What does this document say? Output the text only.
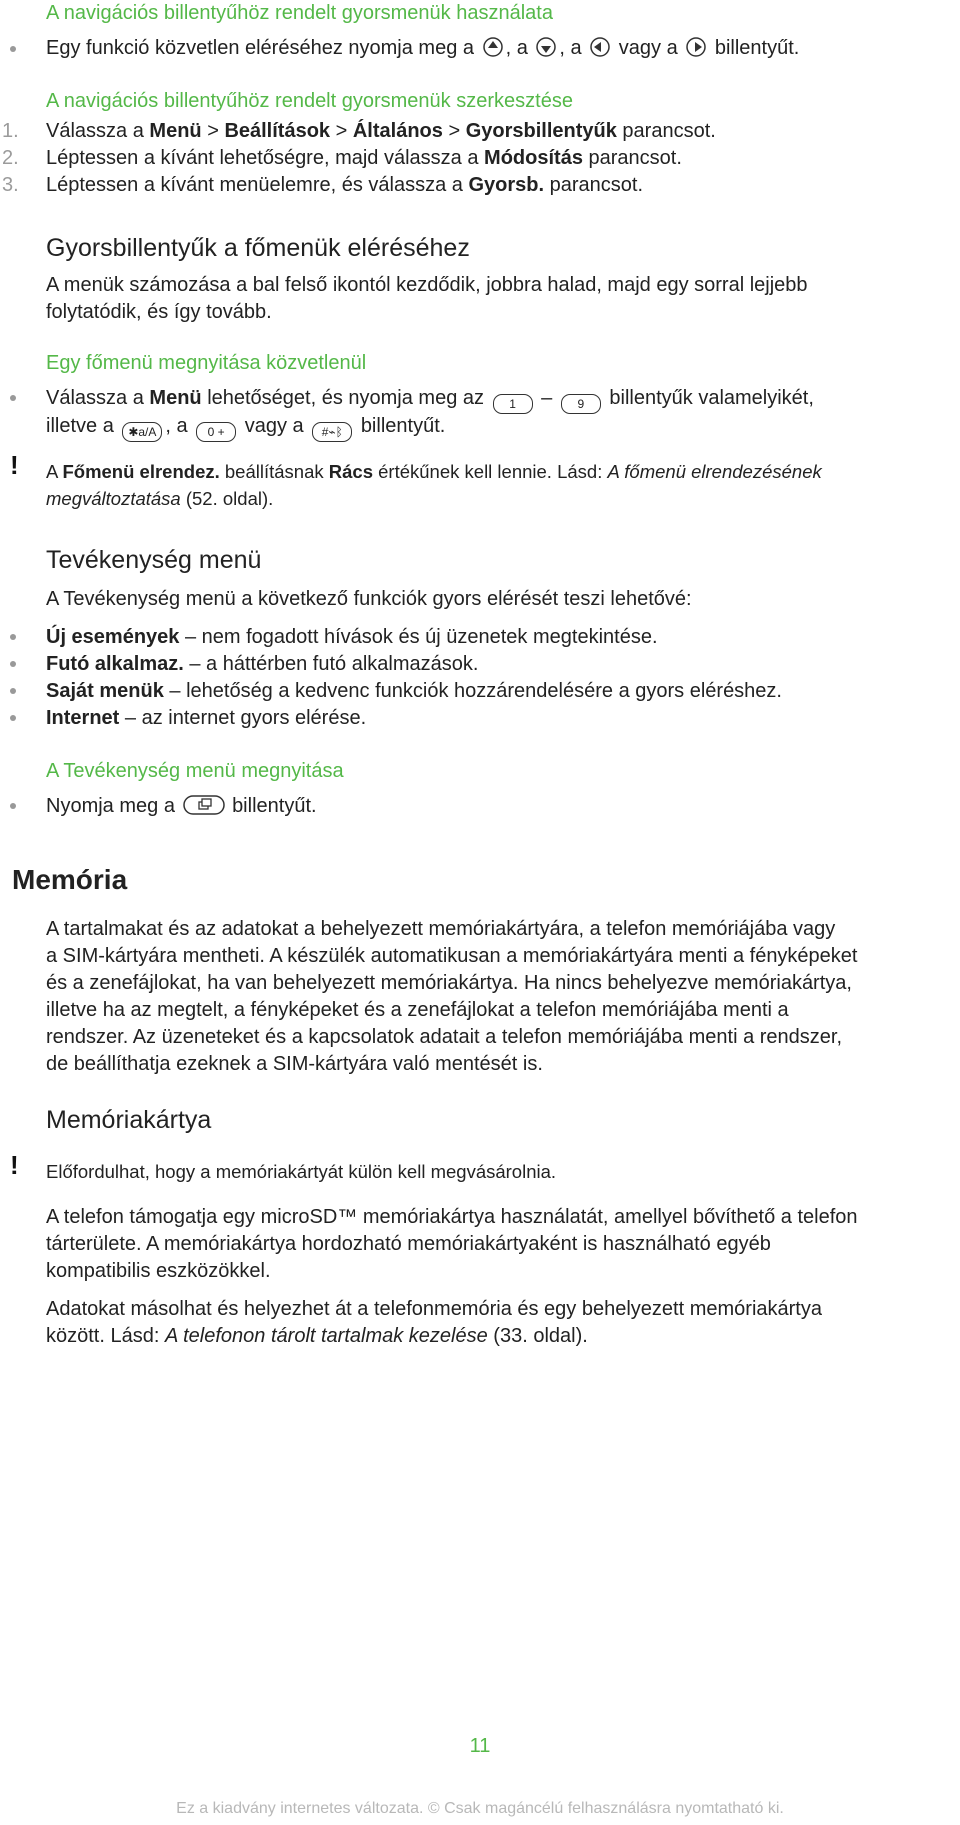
A navigációs billentyűhöz rendelt gyorsmenük használata
Egy funkció közvetlen eléréséhez nyomja meg a , a , a vagy a billentyűt.
A navigációs billentyűhöz rendelt gyorsmenük szerkesztése
1. Válassza a Menü > Beállítások > Általános > Gyorsbillentyűk parancsot.
2. Léptessen a kívánt lehetőségre, majd válassza a Módosítás parancsot.
3. Léptessen a kívánt menüelemre, és válassza a Gyorsb. parancsot.
Gyorsbillentyűk a főmenük eléréséhez
A menük számozása a bal felső ikontól kezdődik, jobbra halad, majd egy sorral lejjebb
folytatódik, és így tovább.
Egy főmenü megnyitása közvetlenül
Válassza a Menü lehetőséget, és nyomja meg az 1 – 9 billentyűk valamelyikét,
illetve a ✱a/A , a 0 + vagy a #⌁ᛒ billentyűt.
! A Főmenü elrendez. beállításnak Rács értékűnek kell lennie. Lásd: A főmenü elrendezésének
megváltoztatása (52. oldal).
Tevékenység menü
A Tevékenység menü a következő funkciók gyors elérését teszi lehetővé:
Új események – nem fogadott hívások és új üzenetek megtekintése.
Futó alkalmaz. – a háttérben futó alkalmazások.
Saját menük – lehetőség a kedvenc funkciók hozzárendelésére a gyors eléréshez.
Internet – az internet gyors elérése.
A Tevékenység menü megnyitása
Nyomja meg a	billentyűt.
Memória
A tartalmakat és az adatokat a behelyezett memóriakártyára, a telefon memóriájába vagy
a SIM-kártyára mentheti. A készülék automatikusan a memóriakártyára menti a fényképeket
és a zenefájlokat, ha van behelyezett memóriakártya. Ha nincs behelyezve memóriakártya,
illetve ha az megtelt, a fényképeket és a zenefájlokat a telefon memóriájába menti a
rendszer. Az üzeneteket és a kapcsolatok adatait a telefon memóriájába menti a rendszer,
de beállíthatja ezeknek a SIM-kártyára való mentését is.
Memóriakártya
! Előfordulhat, hogy a memóriakártyát külön kell megvásárolnia.
A telefon támogatja egy microSD™ memóriakártya használatát, amellyel bővíthető a telefon
tárterülete. A memóriakártya hordozható memóriakártyaként is használható egyéb
kompatibilis eszközökkel.
Adatokat másolhat és helyezhet át a telefonmemória és egy behelyezett memóriakártya
között. Lásd: A telefonon tárolt tartalmak kezelése (33. oldal).
11
Ez a kiadvány internetes változata. © Csak magáncélú felhasználásra nyomtatható ki.
